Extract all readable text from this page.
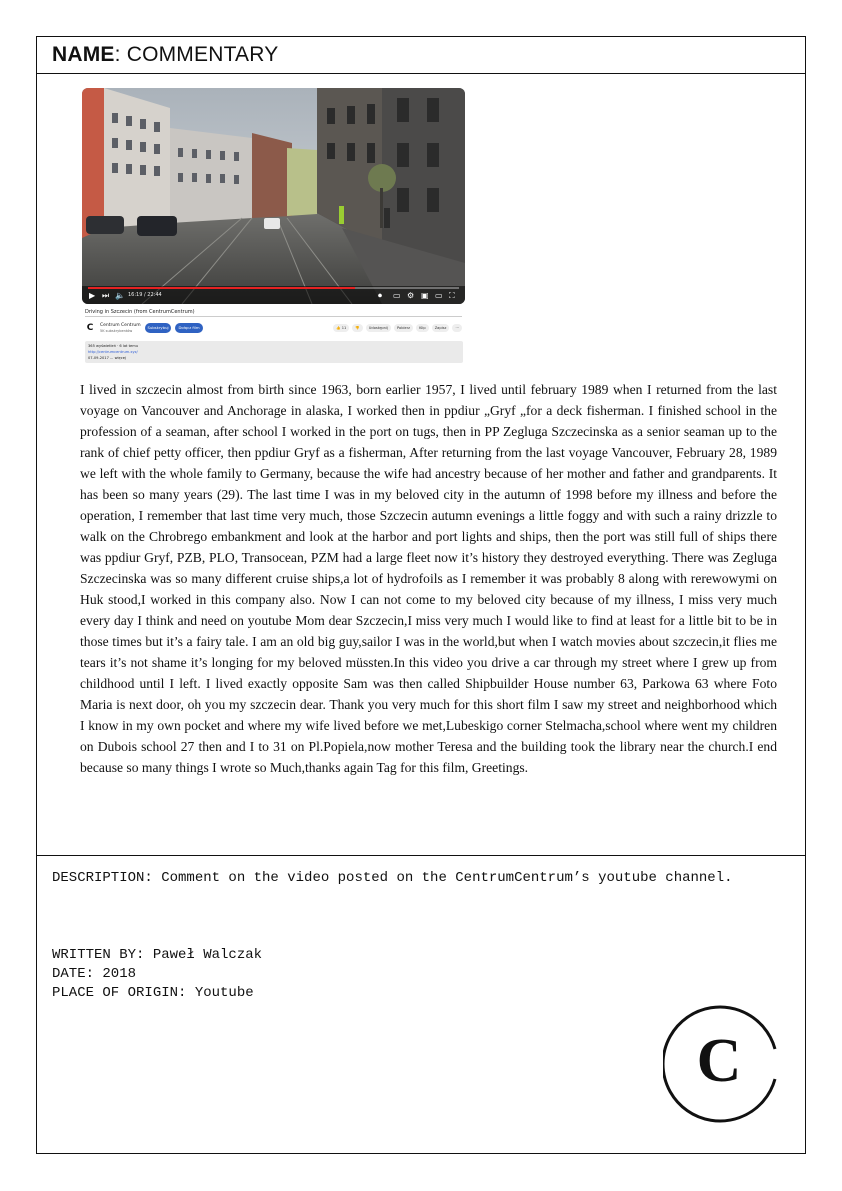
NAME: COMMENTARY
▶ ⏭ 🔈 16:19 / 22:44	⏺ ▭ ⚙ ▣ ▭ ⛶
Driving in Szczecin (from CentrumCentrum)
C	Centrum Centrum
5K subskrybentów
Subskrybuj	Dołącz film	👍 11	👎	Udostępnij	Pobierz	Klip	Zapisz	⋯
365 wyświetleń · 6 lat temu
http://centrumcentrum.xyz/
07-09-2017 ... więcej
I lived in szczecin almost from birth since 1963, born earlier 1957, I lived until february 1989 when I returned from the last voyage on Vancouver and Anchorage in alaska, I worked then in ppdiur „Gryf „for a deck fisherman. I finished school in the profession of a seaman, after school I worked in the port on tugs, then in PP Zegluga Szczecinska as a senior seaman up to the rank of chief petty officer, then ppdiur Gryf as a fisherman, After returning from the last voyage Vancouver, February 28, 1989 we left with the whole family to Germany, because the wife had ancestry because of her mother and father and grandparents. It has been so many years (29). The last time I was in my beloved city in the autumn of 1998 before my illness and before the operation, I remember that last time very much, those Szczecin autumn evenings a little foggy and with such a rainy drizzle to walk on the Chrobrego embankment and look at the harbor and port lights and ships, then the port was still full of ships there was ppdiur Gryf, PZB, PLO, Transocean, PZM had a large fleet now it’s history they destroyed everything. There was Zegluga Szczecinska was so many different cruise ships,a lot of hydrofoils as I remember it was probably 8 along with rerewowymi on Huk stood,I worked in this company also. Now I can not come to my beloved city because of my illness, I miss very much every day I think and need on youtube Mom dear Szczecin,I miss very much I would like to find at least for a little bit to be in those times but it’s a fairy tale. I am an old big guy,sailor I was in the world,but when I watch movies about szczecin,it flies me tears it’s not shame it’s longing for my beloved müssten.In this video you drive a car through my street where I grew up from childhood until I left. I lived exactly opposite Sam was then called Shipbuilder House number 63, Parkowa 63 where Foto Maria is next door, oh you my szczecin dear. Thank you very much for this short film I saw my street and neighborhood which I know in my own pocket and where my wife lived before we met,Lubeskigo corner Stelmacha,school where went my children on Dubois school 27 then and I to 31 on Pl.Popiela,now mother Teresa and the building took the library near the church.I end because so many things I wrote so Much,thanks again Tag for this film, Greetings.
DESCRIPTION: Comment on the video posted on the CentrumCentrum’s youtube channel.
WRITTEN BY: Paweł Walczak
DATE: 2018
PLACE OF ORIGIN: Youtube
C
